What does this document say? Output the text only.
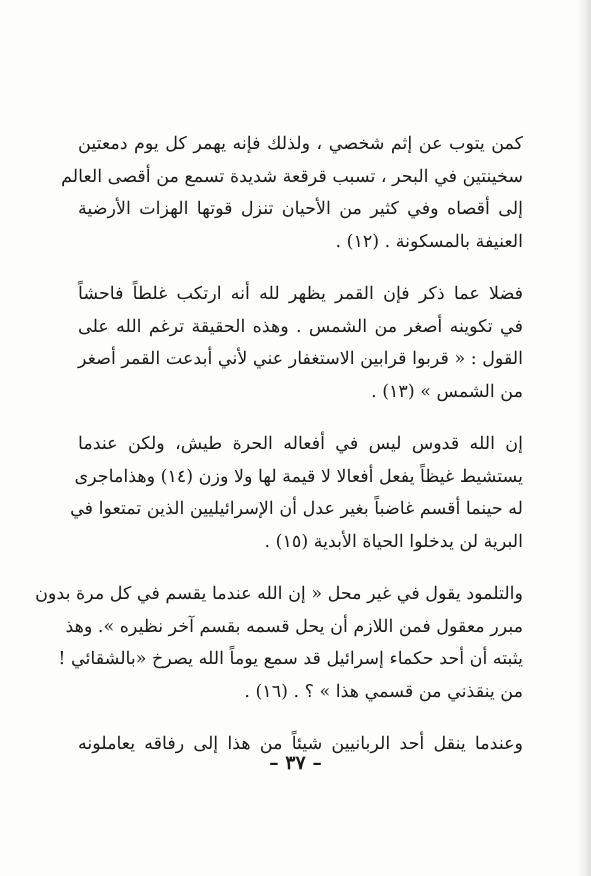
كمن يتوب عن إثم شخصي ، ولذلك فإنه يهمر كل يوم دمعتين
سخينتين في البحر ، تسبب قرقعة شديدة تسمع من أقصى العالم
إلى أقصاه وفي كثير من الأحيان تنزل قوتها الهزات الأرضية
العنيفة بالمسكونة . (١٢) .
فضلا عما ذكر فإن القمر يظهر لله أنه ارتكب غلطاً فاحشاً
في تكوينه أصغر من الشمس . وهذه الحقيقة ترغم الله على
القول : « قربوا قرابين الاستغفار عني لأني أبدعت القمر أصغر
من الشمس » (١٣) .
إن الله قدوس ليس في أفعاله الحرة طيش، ولكن عندما
يستشيط غيظاً يفعل أفعالا لا قيمة لها ولا وزن (١٤) وهذاماجرى
له حينما أقسم غاضباً بغير عدل أن الإسرائيليين الذين تمتعوا في
البرية لن يدخلوا الحياة الأبدية (١٥) .
والتلمود يقول في غير محل « إن الله عندما يقسم في كل مرة بدون
مبرر معقول فمن اللازم أن يحل قسمه بقسم آخر نظيره ». وهذ
يثبته أن أحد حكماء إسرائيل قد سمع يوماً الله يصرخ «بالشقائي !
من ينقذني من قسمي هذا » ؟ . (١٦) .
وعندما ينقل أحد الربانيين شيئاً من هذا إلى رفاقه يعاملونه
– ٣٧ –
